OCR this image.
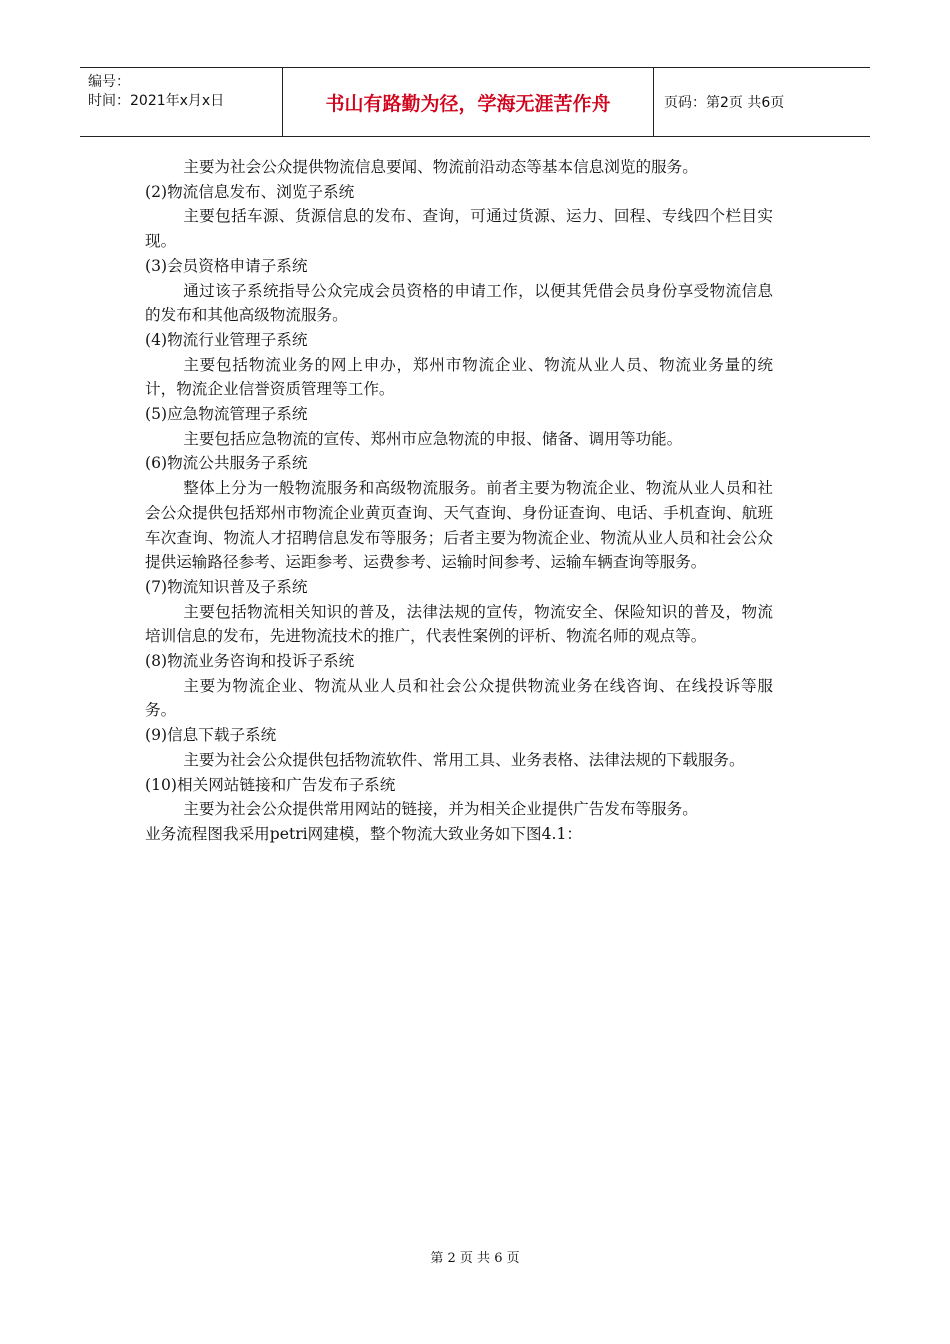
编号：
时间：2021年x月x日	书山有路勤为径，学海无涯苦作舟	页码：第2页 共6页

主要为社会公众提供物流信息要闻、物流前沿动态等基本信息浏览的服务。

(2)物流信息发布、浏览子系统

主要包括车源、货源信息的发布、查询，可通过货源、运力、回程、专线四个栏目实现。

(3)会员资格申请子系统

通过该子系统指导公众完成会员资格的申请工作，以便其凭借会员身份享受物流信息的发布和其他高级物流服务。

(4)物流行业管理子系统

主要包括物流业务的网上申办，郑州市物流企业、物流从业人员、物流业务量的统计，物流企业信誉资质管理等工作。

(5)应急物流管理子系统

主要包括应急物流的宣传、郑州市应急物流的申报、储备、调用等功能。

(6)物流公共服务子系统

整体上分为一般物流服务和高级物流服务。前者主要为物流企业、物流从业人员和社会公众提供包括郑州市物流企业黄页查询、天气查询、身份证查询、电话、手机查询、航班车次查询、物流人才招聘信息发布等服务；后者主要为物流企业、物流从业人员和社会公众提供运输路径参考、运距参考、运费参考、运输时间参考、运输车辆查询等服务。

(7)物流知识普及子系统

主要包括物流相关知识的普及，法律法规的宣传，物流安全、保险知识的普及，物流培训信息的发布，先进物流技术的推广，代表性案例的评析、物流名师的观点等。

(8)物流业务咨询和投诉子系统

主要为物流企业、物流从业人员和社会公众提供物流业务在线咨询、在线投诉等服务。

(9)信息下载子系统

主要为社会公众提供包括物流软件、常用工具、业务表格、法律法规的下载服务。

(10)相关网站链接和广告发布子系统

主要为社会公众提供常用网站的链接，并为相关企业提供广告发布等服务。

业务流程图我采用petri网建模，整个物流大致业务如下图4.1：

第 2 页 共 6 页
